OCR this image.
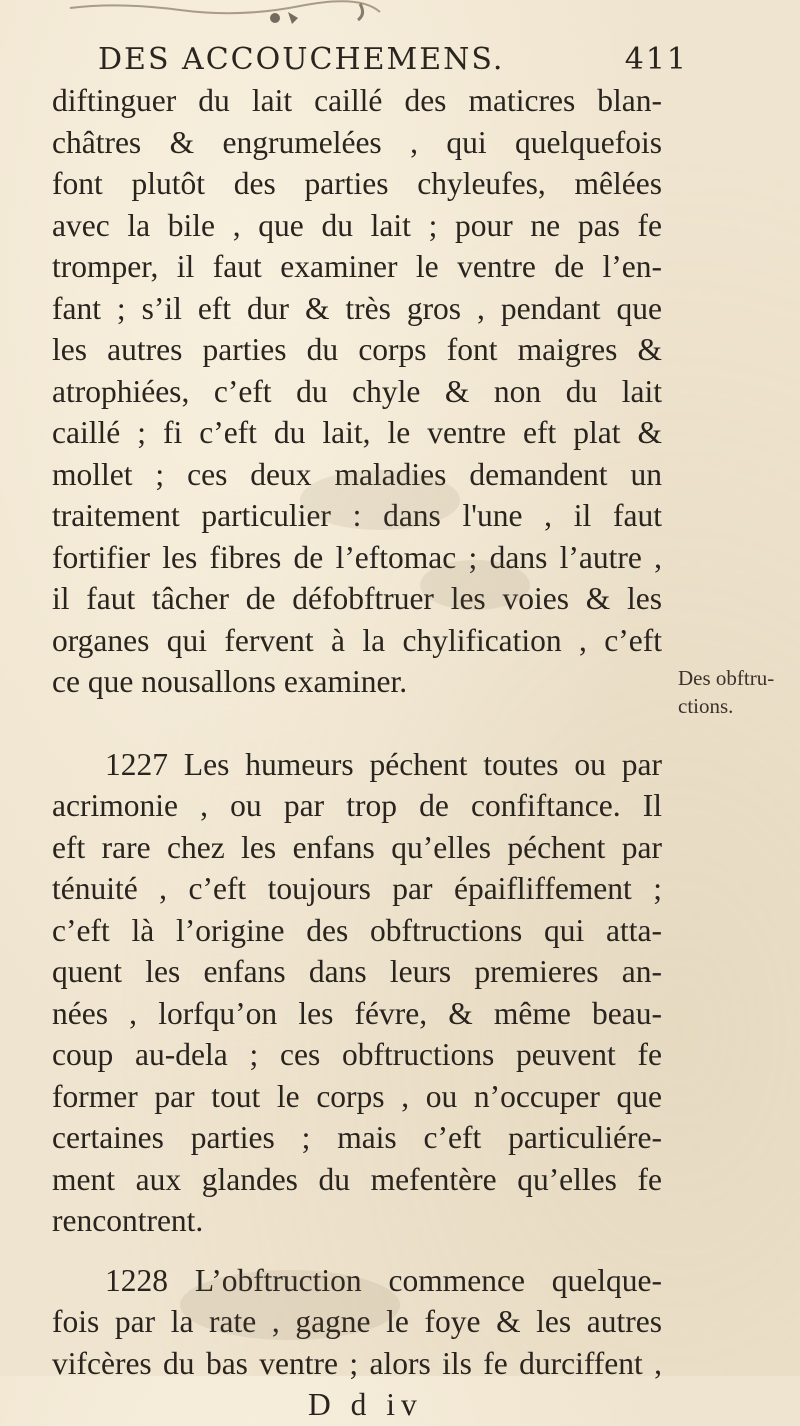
DES ACCOUCHEMENS.	411
diftinguer du lait caillé des maticres blan-
châtres & engrumelées , qui quelquefois
font plutôt des parties chyleufes, mêlées
avec la bile , que du lait ; pour ne pas fe
tromper, il faut examiner le ventre de l’en-
fant ; s’il eft dur & très gros , pendant que
les autres parties du corps font maigres &
atrophiées, c’eft du chyle & non du lait
caillé ; fi c’eft du lait, le ventre eft plat &
mollet ; ces deux maladies demandent un
traitement particulier : dans l'une , il faut
fortifier les fibres de l’eftomac ; dans l’autre ,
il faut tâcher de défobftruer les voies & les
organes qui fervent à la chylification , c’eft
ce que nousallons examiner.
1227 Les humeurs péchent toutes ou par
acrimonie , ou par trop de confiftance. Il
eft rare chez les enfans qu’elles péchent par
ténuité , c’eft toujours par épaifliffement ;
c’eft là l’origine des obftructions qui atta-
quent les enfans dans leurs premieres an-
nées , lorfqu’on les févre, & même beau-
coup au-dela ; ces obftructions peuvent fe
former par tout le corps , ou n’occuper que
certaines parties ; mais c’eft particuliére-
ment aux glandes du mefentère qu’elles fe
rencontrent.
1228 L’obftruction commence quelque-
fois par la rate , gagne le foye & les autres
vifcères du bas ventre ; alors ils fe durciffent ,
D d iv
Des obftru-
ctions.
